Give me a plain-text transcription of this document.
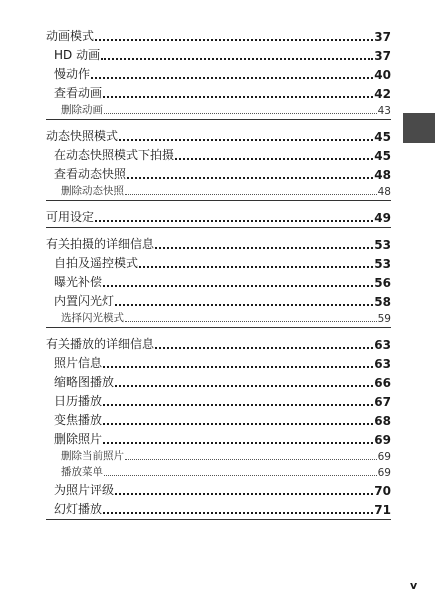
动画模式	37
HD 动画	37
慢动作	40
查看动画	42
删除动画	43
动态快照模式	45
在动态快照模式下拍摄	45
查看动态快照	48
删除动态快照	48
可用设定	49
有关拍摄的详细信息	53
自拍及遥控模式	53
曝光补偿	56
内置闪光灯	58
选择闪光模式	59
有关播放的详细信息	63
照片信息	63
缩略图播放	66
日历播放	67
变焦播放	68
删除照片	69
删除当前照片	69
播放菜单	69
为照片评级	70
幻灯播放	71
v
